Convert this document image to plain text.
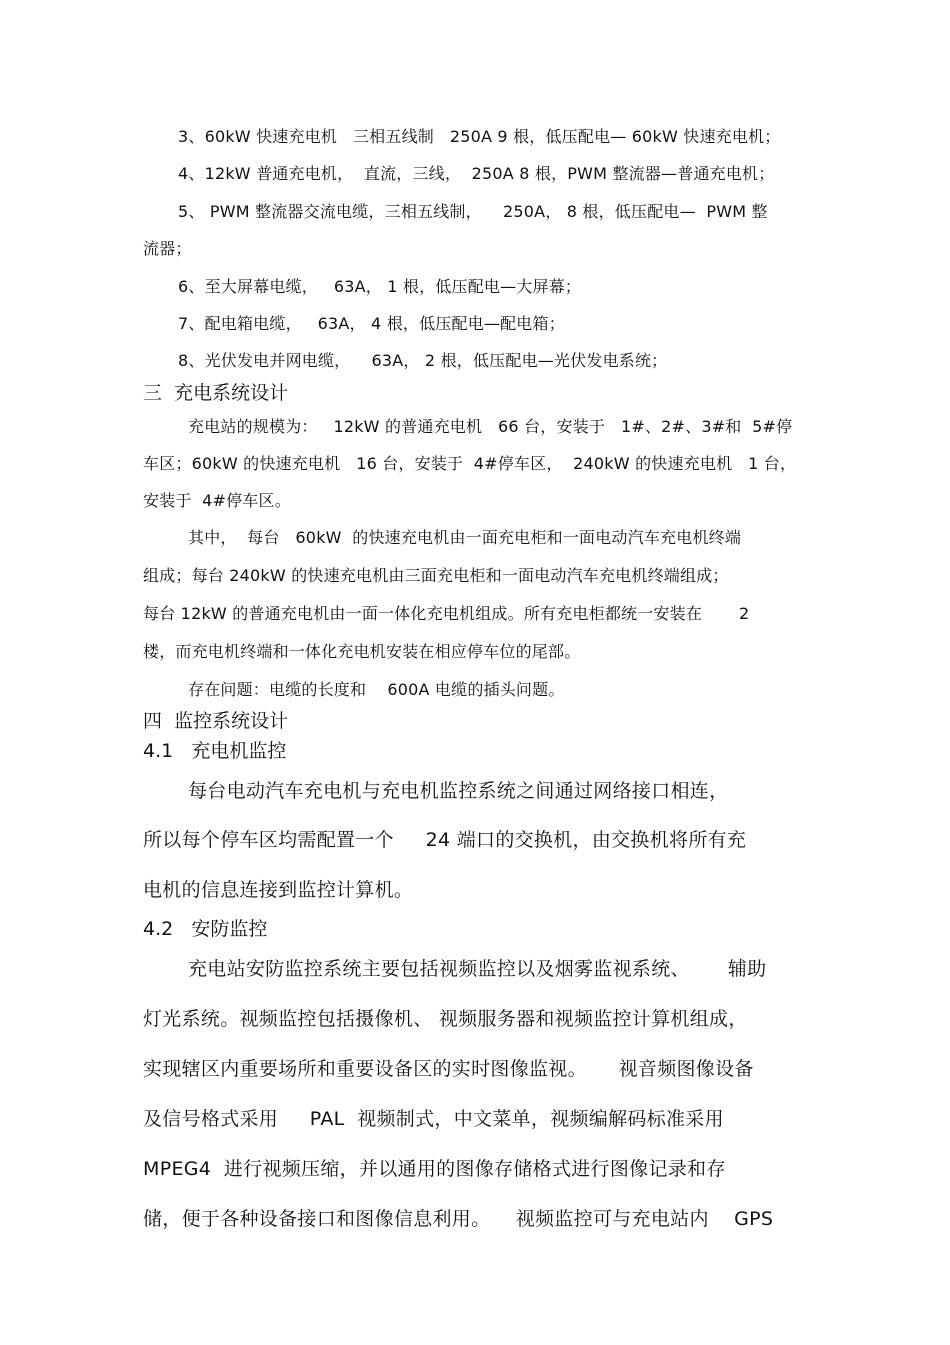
3、60kW 快速充电机   三相五线制   250A 9 根，低压配电— 60kW 快速充电机；
4、12kW 普通充电机，  直流，三线，  250A 8 根，PWM 整流器—普通充电机；
5、 PWM 整流器交流电缆，三相五线制，    250A， 8 根，低压配电—  PWM 整
流器；
6、至大屏幕电缆，   63A， 1 根，低压配电—大屏幕；
7、配电箱电缆，   63A， 4 根，低压配电—配电箱；
8、光伏发电并网电缆，    63A， 2 根，低压配电—光伏发电系统；
三  充电系统设计
充电站的规模为：   12kW 的普通充电机   66 台，安装于   1#、2#、3#和  5#停
车区；60kW 的快速充电机   16 台，安装于  4#停车区，  240kW 的快速充电机   1 台，
安装于  4#停车区。
其中，  每台   60kW  的快速充电机由一面充电柜和一面电动汽车充电机终端
组成；每台 240kW 的快速充电机由三面充电柜和一面电动汽车充电机终端组成；
每台 12kW 的普通充电机由一面一体化充电机组成。所有充电柜都统一安装在       2
楼，而充电机终端和一体化充电机安装在相应停车位的尾部。
存在问题：电缆的长度和    600A 电缆的插头问题。
四  监控系统设计
4.1   充电机监控
每台电动汽车充电机与充电机监控系统之间通过网络接口相连，
所以每个停车区均需配置一个     24 端口的交换机，由交换机将所有充
电机的信息连接到监控计算机。
4.2   安防监控
充电站安防监控系统主要包括视频监控以及烟雾监视系统、      辅助
灯光系统。视频监控包括摄像机、 视频服务器和视频监控计算机组成，
实现辖区内重要场所和重要设备区的实时图像监视。     视音频图像设备
及信号格式采用     PAL  视频制式，中文菜单，视频编解码标准采用
MPEG4  进行视频压缩，并以通用的图像存储格式进行图像记录和存
储，便于各种设备接口和图像信息利用。    视频监控可与充电站内    GPS
